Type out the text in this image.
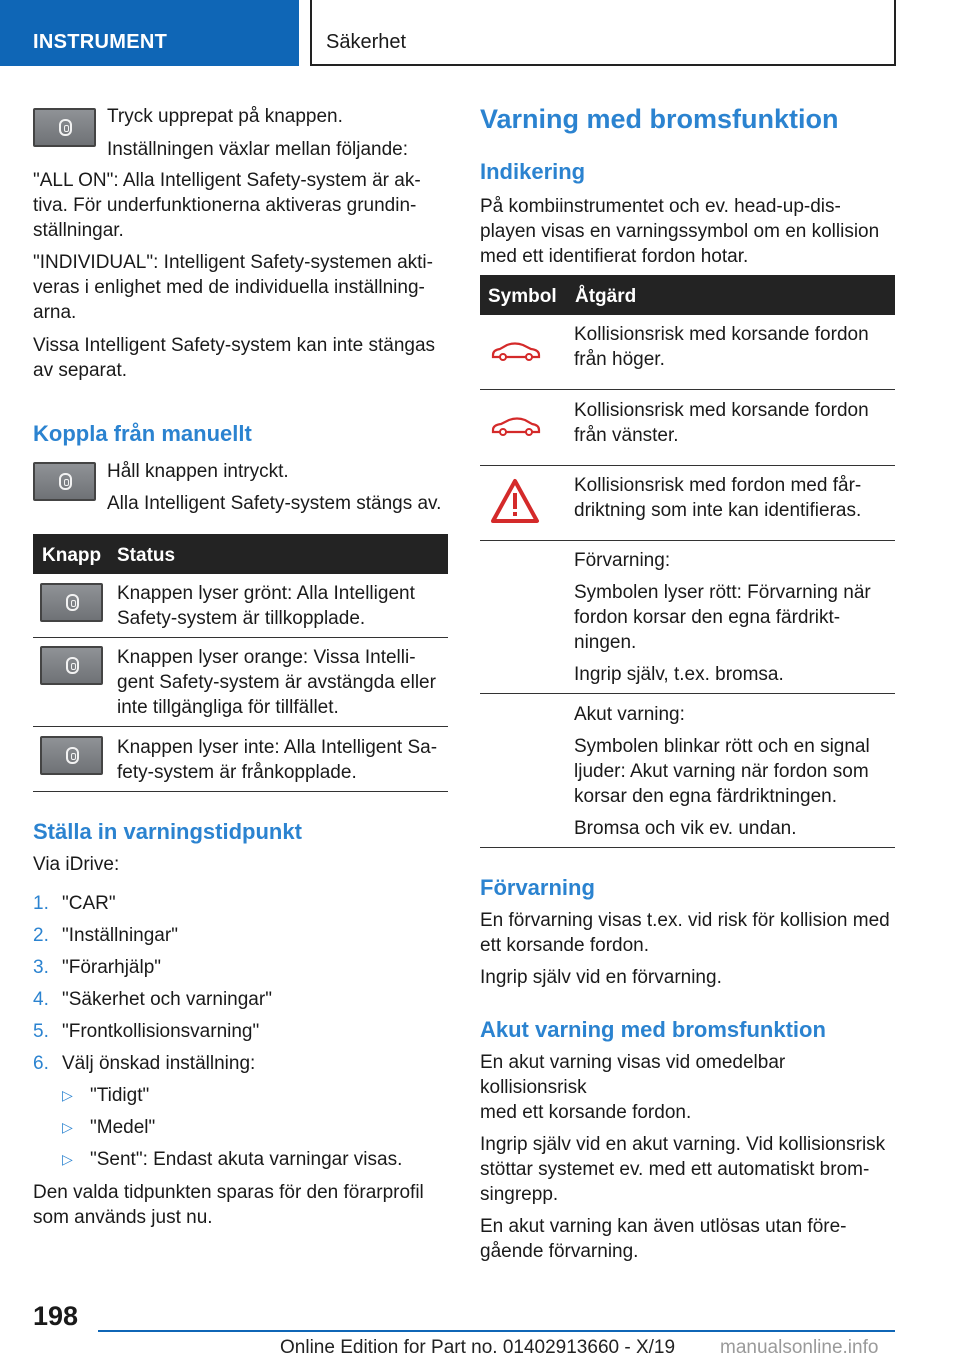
INSTRUMENT	Säkerhet
Tryck upprepat på knappen.
Inställningen växlar mellan följande:
"ALL ON": Alla Intelligent Safety-system är ak-
tiva. För underfunktionerna aktiveras grundin-
ställningar.
"INDIVIDUAL": Intelligent Safety-systemen akti-
veras i enlighet med de individuella inställning-
arna.
Vissa Intelligent Safety-system kan inte stängas
av separat.
Koppla från manuellt
Håll knappen intryckt.
Alla Intelligent Safety-system stängs av.
Knapp Status
Knappen lyser grönt: Alla Intelligent
Safety-system är tillkopplade.
Knappen lyser orange: Vissa Intelli-
gent Safety-system är avstängda eller
inte tillgängliga för tillfället.
Knappen lyser inte: Alla Intelligent Sa-
fety-system är frånkopplade.
Ställa in varningstidpunkt
Via iDrive:
1. "CAR"
2. "Inställningar"
3. "Förarhjälp"
4. "Säkerhet och varningar"
5. "Frontkollisionsvarning"
6. Välj önskad inställning:
▷ "Tidigt"
▷ "Medel"
▷ "Sent": Endast akuta varningar visas.
Den valda tidpunkten sparas för den förarprofil
som används just nu.
Varning med bromsfunktion
Indikering
På kombiinstrumentet och ev. head-up-dis-
playen visas en varningssymbol om en kollision
med ett identifierat fordon hotar.
Symbol Åtgärd
Kollisionsrisk med korsande fordon
från höger.
Kollisionsrisk med korsande fordon
från vänster.
Kollisionsrisk med fordon med får-
driktning som inte kan identifieras.
Förvarning:
Symbolen lyser rött: Förvarning när
fordon korsar den egna färdrikt-
ningen.
Ingrip själv, t.ex. bromsa.
Akut varning:
Symbolen blinkar rött och en signal
ljuder: Akut varning när fordon som
korsar den egna färdriktningen.
Bromsa och vik ev. undan.
Förvarning
En förvarning visas t.ex. vid risk för kollision med
ett korsande fordon.
Ingrip själv vid en förvarning.
Akut varning med bromsfunktion
En akut varning visas vid omedelbar kollisionsrisk
med ett korsande fordon.
Ingrip själv vid en akut varning. Vid kollisionsrisk
stöttar systemet ev. med ett automatiskt brom-
singrepp.
En akut varning kan även utlösas utan före-
gående förvarning.
198
Online Edition for Part no. 01402913660 - X/19 manualsonline.info
